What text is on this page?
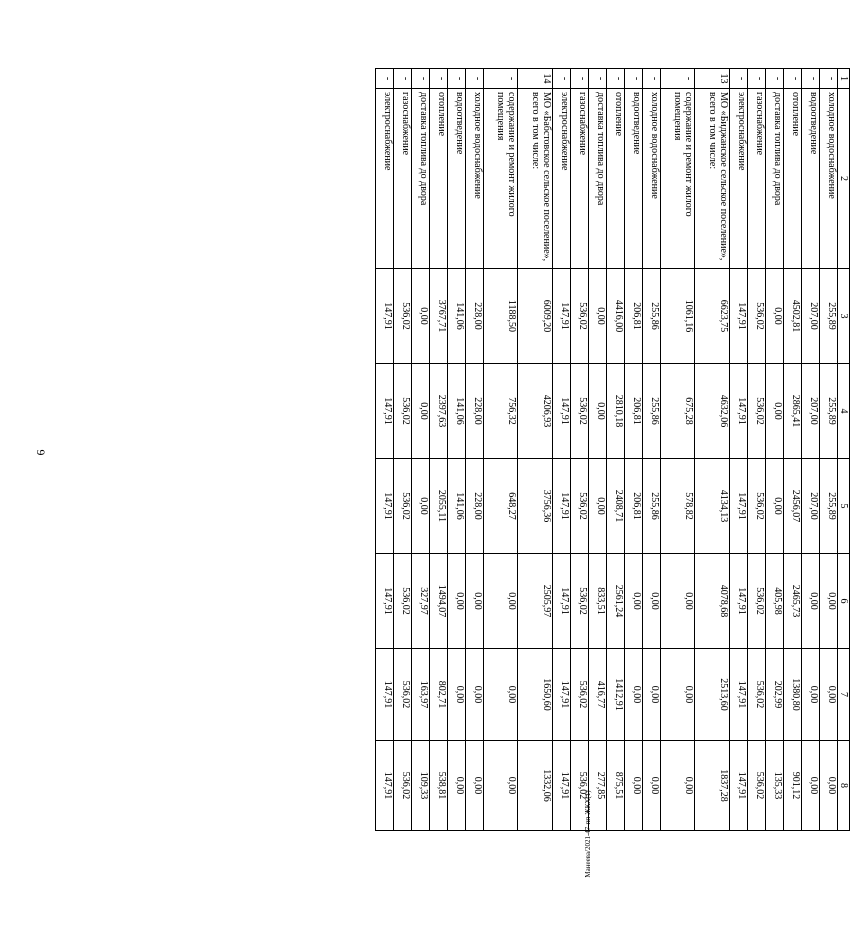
6
Манеева/2021-47-пп-ЖКХ(1)
1	2	3	4	5	6	7	8
-	холодное водоснабжение	255,89	255,89	255,89	0,00	0,00	0,00
-	водоотведение	207,00	207,00	207,00	0,00	0,00	0,00
-	отопление	4502,81	2865,41	2456,07	2465,73	1380,80	901,12
-	доставка топлива до двора	0,00	0,00	0,00	405,98	202,99	135,33
-	газоснабжение	536,02	536,02	536,02	536,02	536,02	536,02
-	электроснабжение	147,91	147,91	147,91	147,91	147,91	147,91
13	МО «Биджанское сельское поселение», всего в том числе:	6623,75	4632,06	4134,13	4078,68	2513,60	1837,28
-	содержание и ремонт жилого помещения	1061,16	675,28	578,82	0,00	0,00	0,00
-	холодное водоснабжение	255,86	255,86	255,86	0,00	0,00	0,00
-	водоотведение	206,81	206,81	206,81	0,00	0,00	0,00
-	отопление	4416,00	2810,18	2408,71	2561,24	1412,91	875,51
-	доставка топлива до двора	0,00	0,00	0,00	833,51	416,77	277,85
-	газоснабжение	536,02	536,02	536,02	536,02	536,02	536,02
-	электроснабжение	147,91	147,91	147,91	147,91	147,91	147,91
14	МО «Бабстовское сельское поселение», всего в том числе:	6009,20	4206,93	3756,36	2505,97	1650,60	1332,06
-	содержание и ремонт жилого помещения	1188,50	756,32	648,27	0,00	0,00	0,00
-	холодное водоснабжение	228,00	228,00	228,00	0,00	0,00	0,00
-	водоотведение	141,06	141,06	141,06	0,00	0,00	0,00
-	отопление	3767,71	2397,63	2055,11	1494,07	802,71	538,81
-	доставка топлива до двора	0,00	0,00	0,00	327,97	163,97	109,33
-	газоснабжение	536,02	536,02	536,02	536,02	536,02	536,02
-	электроснабжение	147,91	147,91	147,91	147,91	147,91	147,91
